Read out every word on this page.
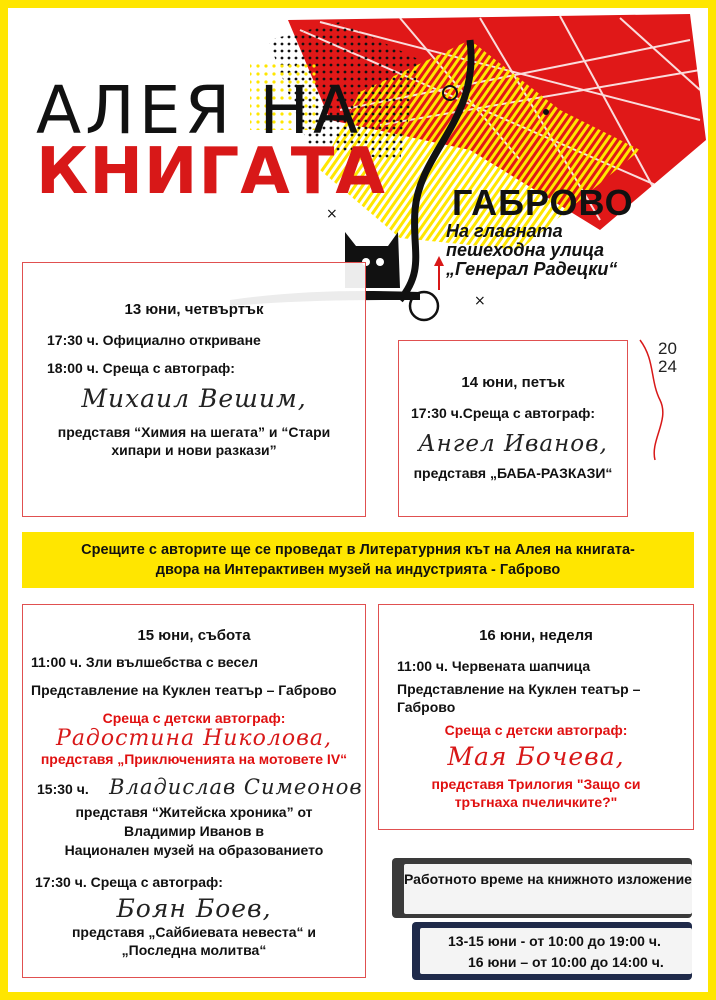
×
×
АЛЕЯ НА
КНИГАТА ГАБРОВО
На главната
пешеходна улица
„Генерал Радецки“
20
24
13 юни, четвъртък
17:30 ч. Официално откриване
18:00 ч. Среща с автограф:
Михаил Вешим,
представя “Химия на шегата” и “Стари хипари и нови разкази”
14 юни, петък
17:30 ч.Среща с автограф:
Ангел Иванов,
представя „БАБА-РАЗКАЗИ“
Срещите с авторите ще се проведат в Литературния кът на Алея на книгата-
двора на Интерактивен музей на индустрията - Габрово
15 юни, събота
11:00 ч. Зли вълшебства с весел
Представление на Куклен театър – Габрово
Среща с детски автограф:
Радостина Николова,
представя „Приключенията на мотовете IV“
15:30 ч. Владислав Симеонов
представя “Житейска хроника” от
Владимир Иванов в
Национален музей на образованието
17:30 ч. Среща с автограф:
Боян Боев,
представя „Сайбиевата невеста“ и
„Последна молитва“
16 юни, неделя
11:00 ч. Червената шапчица
Представление на Куклен театър – Габрово
Среща с детски автограф:
Мая Бочева,
представя Трилогия "Защо си тръгнаха пчеличките?"
Работното време на книжното изложение
13-15 юни - от 10:00 до 19:00 ч.
16 юни – от 10:00 до 14:00 ч.
